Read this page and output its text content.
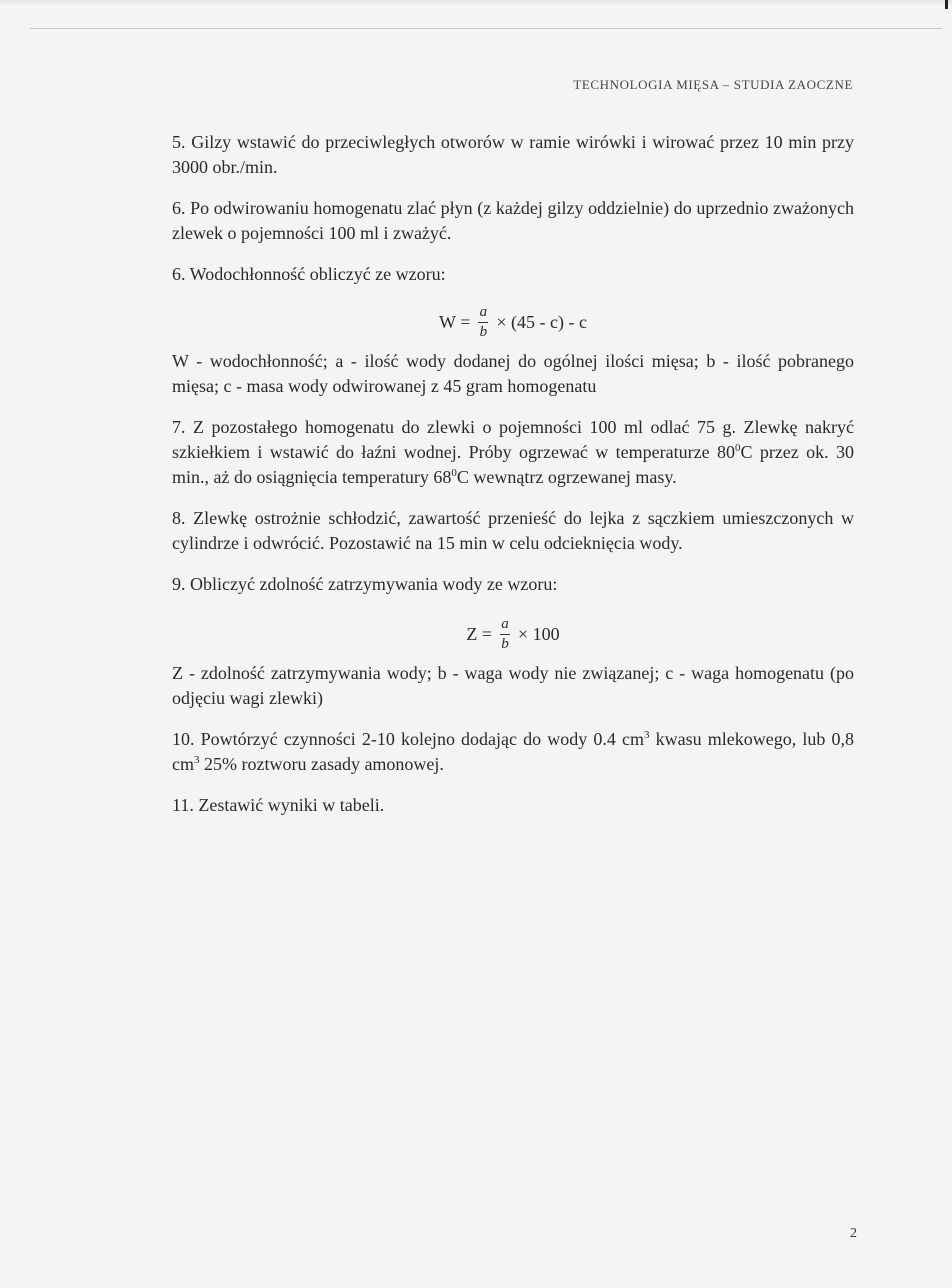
TECHNOLOGIA MIĘSA – STUDIA ZAOCZNE

5. Gilzy wstawić do przeciwległych otworów w ramie wirówki i wirować przez 10 min przy 3000 obr./min.

6. Po odwirowaniu homogenatu zlać płyn (z każdej gilzy oddzielnie) do uprzednio zważonych zlewek o pojemności 100 ml i zważyć.

6. Wodochłonność obliczyć ze wzoru:

$W = \frac{a}{b} \times (45 - c) - c$

W - wodochłonność; a - ilość wody dodanej do ogólnej ilości mięsa; b - ilość pobranego mięsa; c - masa wody odwirowanej z 45 gram homogenatu

7. Z pozostałego homogenatu do zlewki o pojemności 100 ml odlać 75 g. Zlewkę nakryć szkiełkiem i wstawić do łaźni wodnej. Próby ogrzewać w temperaturze $80^0C$ przez ok. 30 min., aż do osiągnięcia temperatury $68^0C$ wewnątrz ogrzewanej masy.

8. Zlewkę ostrożnie schłodzić, zawartość przenieść do lejka z sączkiem umieszczonych w cylindrze i odwrócić. Pozostawić na 15 min w celu odcieknięcia wody.

9. Obliczyć zdolność zatrzymywania wody ze wzoru:

$Z = \frac{a}{b} \times 100$

Z - zdolność zatrzymywania wody; b - waga wody nie związanej; c - waga homogenatu (po odjęciu wagi zlewki)

10. Powtórzyć czynności 2-10 kolejno dodając do wody 0.4 $cm^3$ kwasu mlekowego, lub 0,8 $cm^3$ 25% roztworu zasady amonowej.

11. Zestawić wyniki w tabeli.

2
